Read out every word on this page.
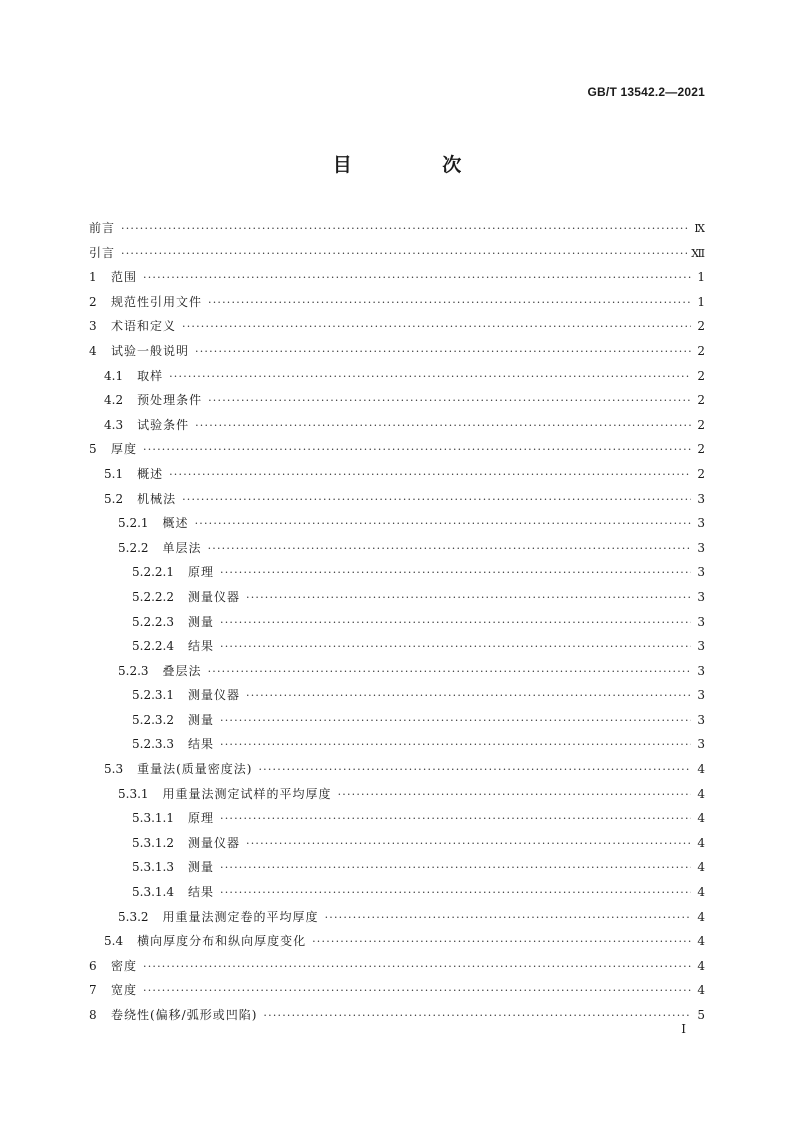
GB/T 13542.2—2021
目 次
前言 ·····	Ⅸ
引言 ·····	Ⅻ
1	范围 ·····	1
2	规范性引用文件 ·····	1
3	术语和定义 ·····	2
4	试验一般说明 ·····	2
4.1	取样 ·····	2
4.2	预处理条件 ·····	2
4.3	试验条件 ·····	2
5	厚度 ·····	2
5.1	概述 ·····	2
5.2	机械法 ·····	3
5.2.1	概述 ·····	3
5.2.2	单层法 ·····	3
5.2.2.1	原理 ·····	3
5.2.2.2	测量仪器 ·····	3
5.2.2.3	测量 ·····	3
5.2.2.4	结果 ·····	3
5.2.3	叠层法 ·····	3
5.2.3.1	测量仪器 ·····	3
5.2.3.2	测量 ·····	3
5.2.3.3	结果 ·····	3
5.3	重量法(质量密度法) ·····	4
5.3.1	用重量法测定试样的平均厚度 ·····	4
5.3.1.1	原理 ·····	4
5.3.1.2	测量仪器 ·····	4
5.3.1.3	测量 ·····	4
5.3.1.4	结果 ·····	4
5.3.2	用重量法测定卷的平均厚度 ·····	4
5.4	横向厚度分布和纵向厚度变化 ·····	4
6	密度 ·····	4
7	宽度 ·····	4
8	卷绕性(偏移/弧形或凹陷) ·····	5
I
